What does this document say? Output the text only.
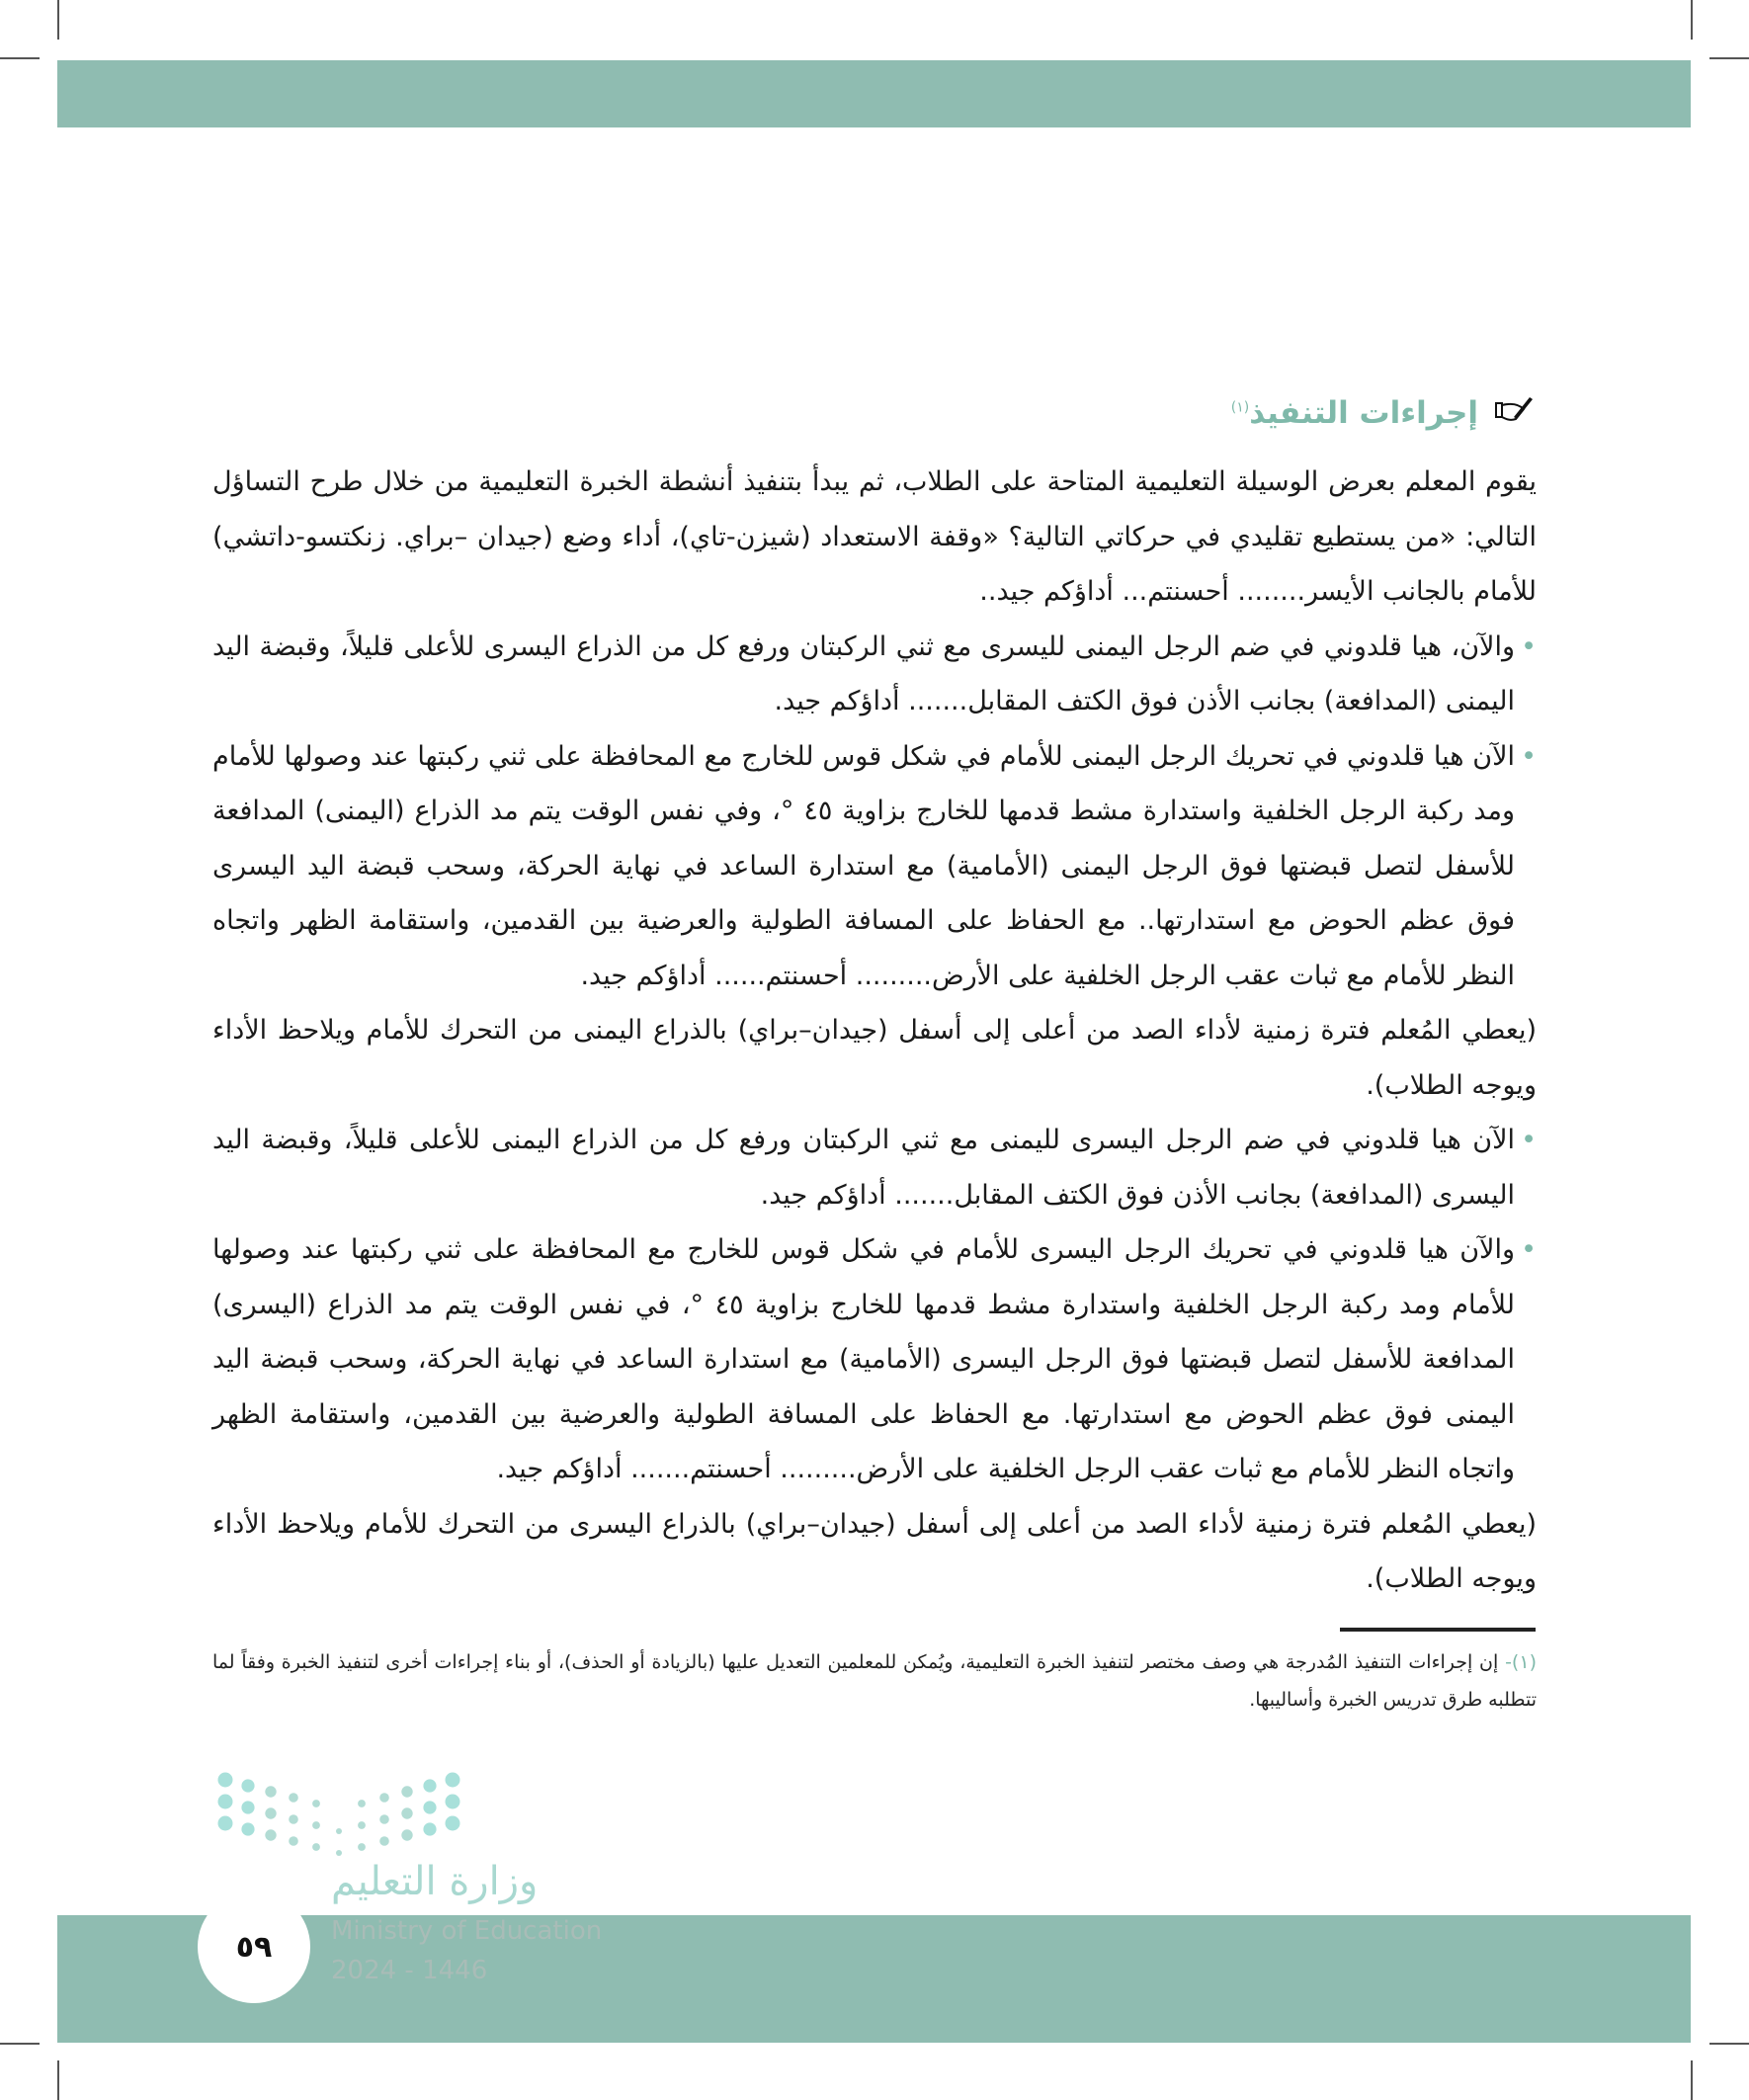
إجراءات التنفيذ$^{(١)}$

يقوم المعلم بعرض الوسيلة التعليمية المتاحة على الطلاب، ثم يبدأ بتنفيذ أنشطة الخبرة التعليمية من خلال طرح التساؤل التالي: «من يستطيع تقليدي في حركاتي التالية؟ «وقفة الاستعداد (شيزن-تاي)، أداء وضع (جيدان –براي. زنكتسو-داتشي) للأمام بالجانب الأيسر........ أحسنتم... أداؤكم جيد..

• والآن، هيا قلدوني في ضم الرجل اليمنى لليسرى مع ثني الركبتان ورفع كل من الذراع اليسرى للأعلى قليلاً، وقبضة اليد اليمنى (المدافعة) بجانب الأذن فوق الكتف المقابل....... أداؤكم جيد.

• الآن هيا قلدوني في تحريك الرجل اليمنى للأمام في شكل قوس للخارج مع المحافظة على ثني ركبتها عند وصولها للأمام ومد ركبة الرجل الخلفية واستدارة مشط قدمها للخارج بزاوية ٤٥ °، وفي نفس الوقت يتم مد الذراع (اليمنى) المدافعة للأسفل لتصل قبضتها فوق الرجل اليمنى (الأمامية) مع استدارة الساعد في نهاية الحركة، وسحب قبضة اليد اليسرى فوق عظم الحوض مع استدارتها.. مع الحفاظ على المسافة الطولية والعرضية بين القدمين، واستقامة الظهر واتجاه النظر للأمام مع ثبات عقب الرجل الخلفية على الأرض......... أحسنتم...... أداؤكم جيد.

(يعطي المُعلم فترة زمنية لأداء الصد من أعلى إلى أسفل (جيدان–براي) بالذراع اليمنى من التحرك للأمام ويلاحظ الأداء ويوجه الطلاب).

• الآن هيا قلدوني في ضم الرجل اليسرى لليمنى مع ثني الركبتان ورفع كل من الذراع اليمنى للأعلى قليلاً، وقبضة اليد اليسرى (المدافعة) بجانب الأذن فوق الكتف المقابل....... أداؤكم جيد.

• والآن هيا قلدوني في تحريك الرجل اليسرى للأمام في شكل قوس للخارج مع المحافظة على ثني ركبتها عند وصولها للأمام ومد ركبة الرجل الخلفية واستدارة مشط قدمها للخارج بزاوية ٤٥ °، في نفس الوقت يتم مد الذراع (اليسرى) المدافعة للأسفل لتصل قبضتها فوق الرجل اليسرى (الأمامية) مع استدارة الساعد في نهاية الحركة، وسحب قبضة اليد اليمنى فوق عظم الحوض مع استدارتها. مع الحفاظ على المسافة الطولية والعرضية بين القدمين، واستقامة الظهر واتجاه النظر للأمام مع ثبات عقب الرجل الخلفية على الأرض......... أحسنتم....... أداؤكم جيد.

(يعطي المُعلم فترة زمنية لأداء الصد من أعلى إلى أسفل (جيدان–براي) بالذراع اليسرى من التحرك للأمام ويلاحظ الأداء ويوجه الطلاب).

(١)- إن إجراءات التنفيذ المُدرجة هي وصف مختصر لتنفيذ الخبرة التعليمية، ويُمكن للمعلمين التعديل عليها (بالزيادة أو الحذف)، أو بناء إجراءات أخرى لتنفيذ الخبرة وفقاً لما تتطلبه طرق تدريس الخبرة وأساليبها.
٥٩
وزارة التعليم
Ministry of Education
2024 - 1446
